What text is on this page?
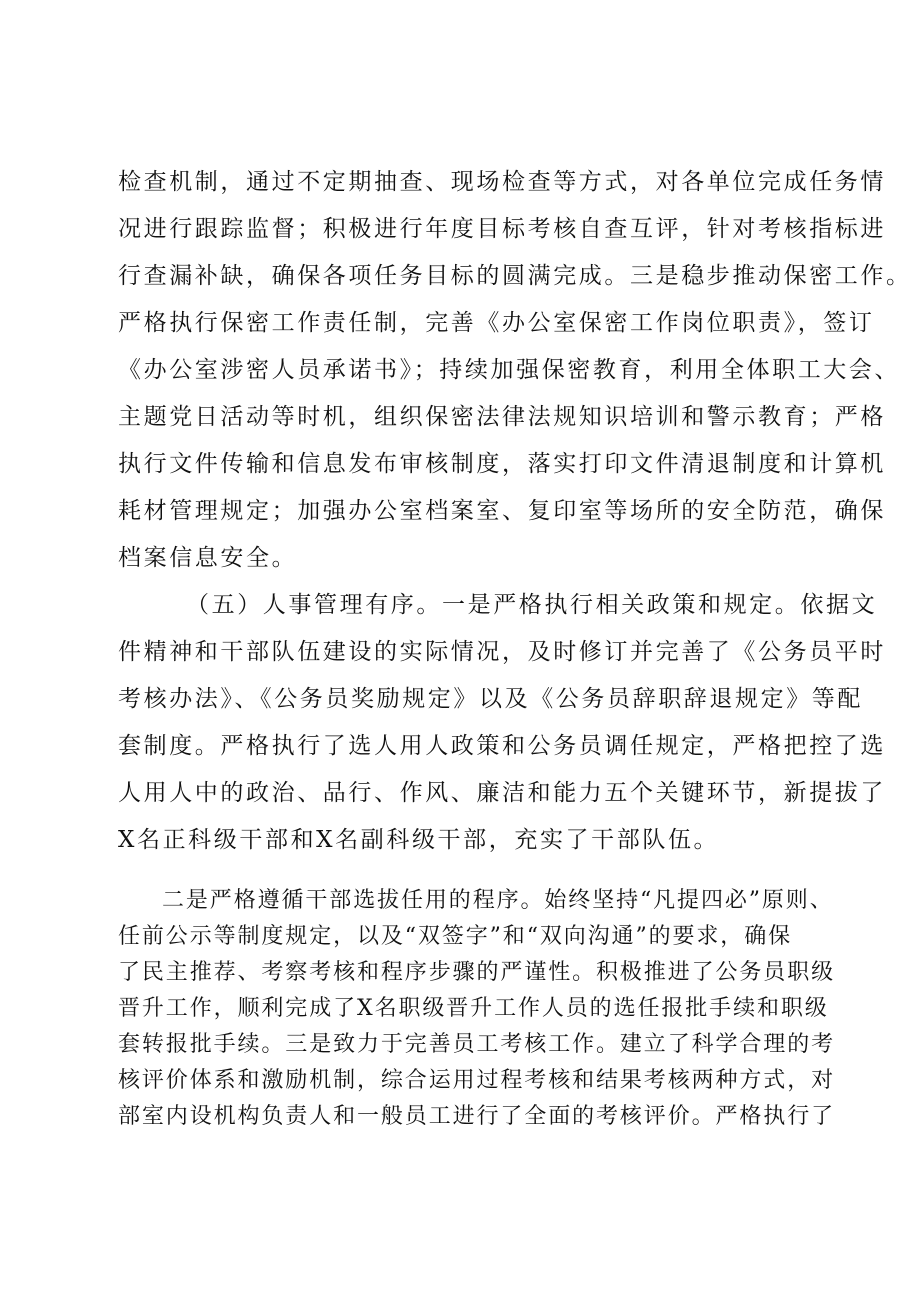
检查机制，通过不定期抽查、现场检查等方式，对各单位完成任务情
况进行跟踪监督；积极进行年度目标考核自查互评，针对考核指标进
行查漏补缺，确保各项任务目标的圆满完成。三是稳步推动保密工作。
严格执行保密工作责任制，完善《办公室保密工作岗位职责》，签订
《办公室涉密人员承诺书》；持续加强保密教育，利用全体职工大会、
主题党日活动等时机，组织保密法律法规知识培训和警示教育；严格
执行文件传输和信息发布审核制度，落实打印文件清退制度和计算机
耗材管理规定；加强办公室档案室、复印室等场所的安全防范，确保
档案信息安全。
（五）人事管理有序。一是严格执行相关政策和规定。依据文
件精神和干部队伍建设的实际情况，及时修订并完善了《公务员平时
考核办法》、《公务员奖励规定》以及《公务员辞职辞退规定》等配
套制度。严格执行了选人用人政策和公务员调任规定，严格把控了选
人用人中的政治、品行、作风、廉洁和能力五个关键环节，新提拔了
X名正科级干部和X名副科级干部，充实了干部队伍。
二是严格遵循干部选拔任用的程序。始终坚持“凡提四必”原则、
任前公示等制度规定，以及“双签字”和“双向沟通”的要求，确保
了民主推荐、考察考核和程序步骤的严谨性。积极推进了公务员职级
晋升工作，顺利完成了X名职级晋升工作人员的选任报批手续和职级
套转报批手续。三是致力于完善员工考核工作。建立了科学合理的考
核评价体系和激励机制，综合运用过程考核和结果考核两种方式，对
部室内设机构负责人和一般员工进行了全面的考核评价。严格执行了
